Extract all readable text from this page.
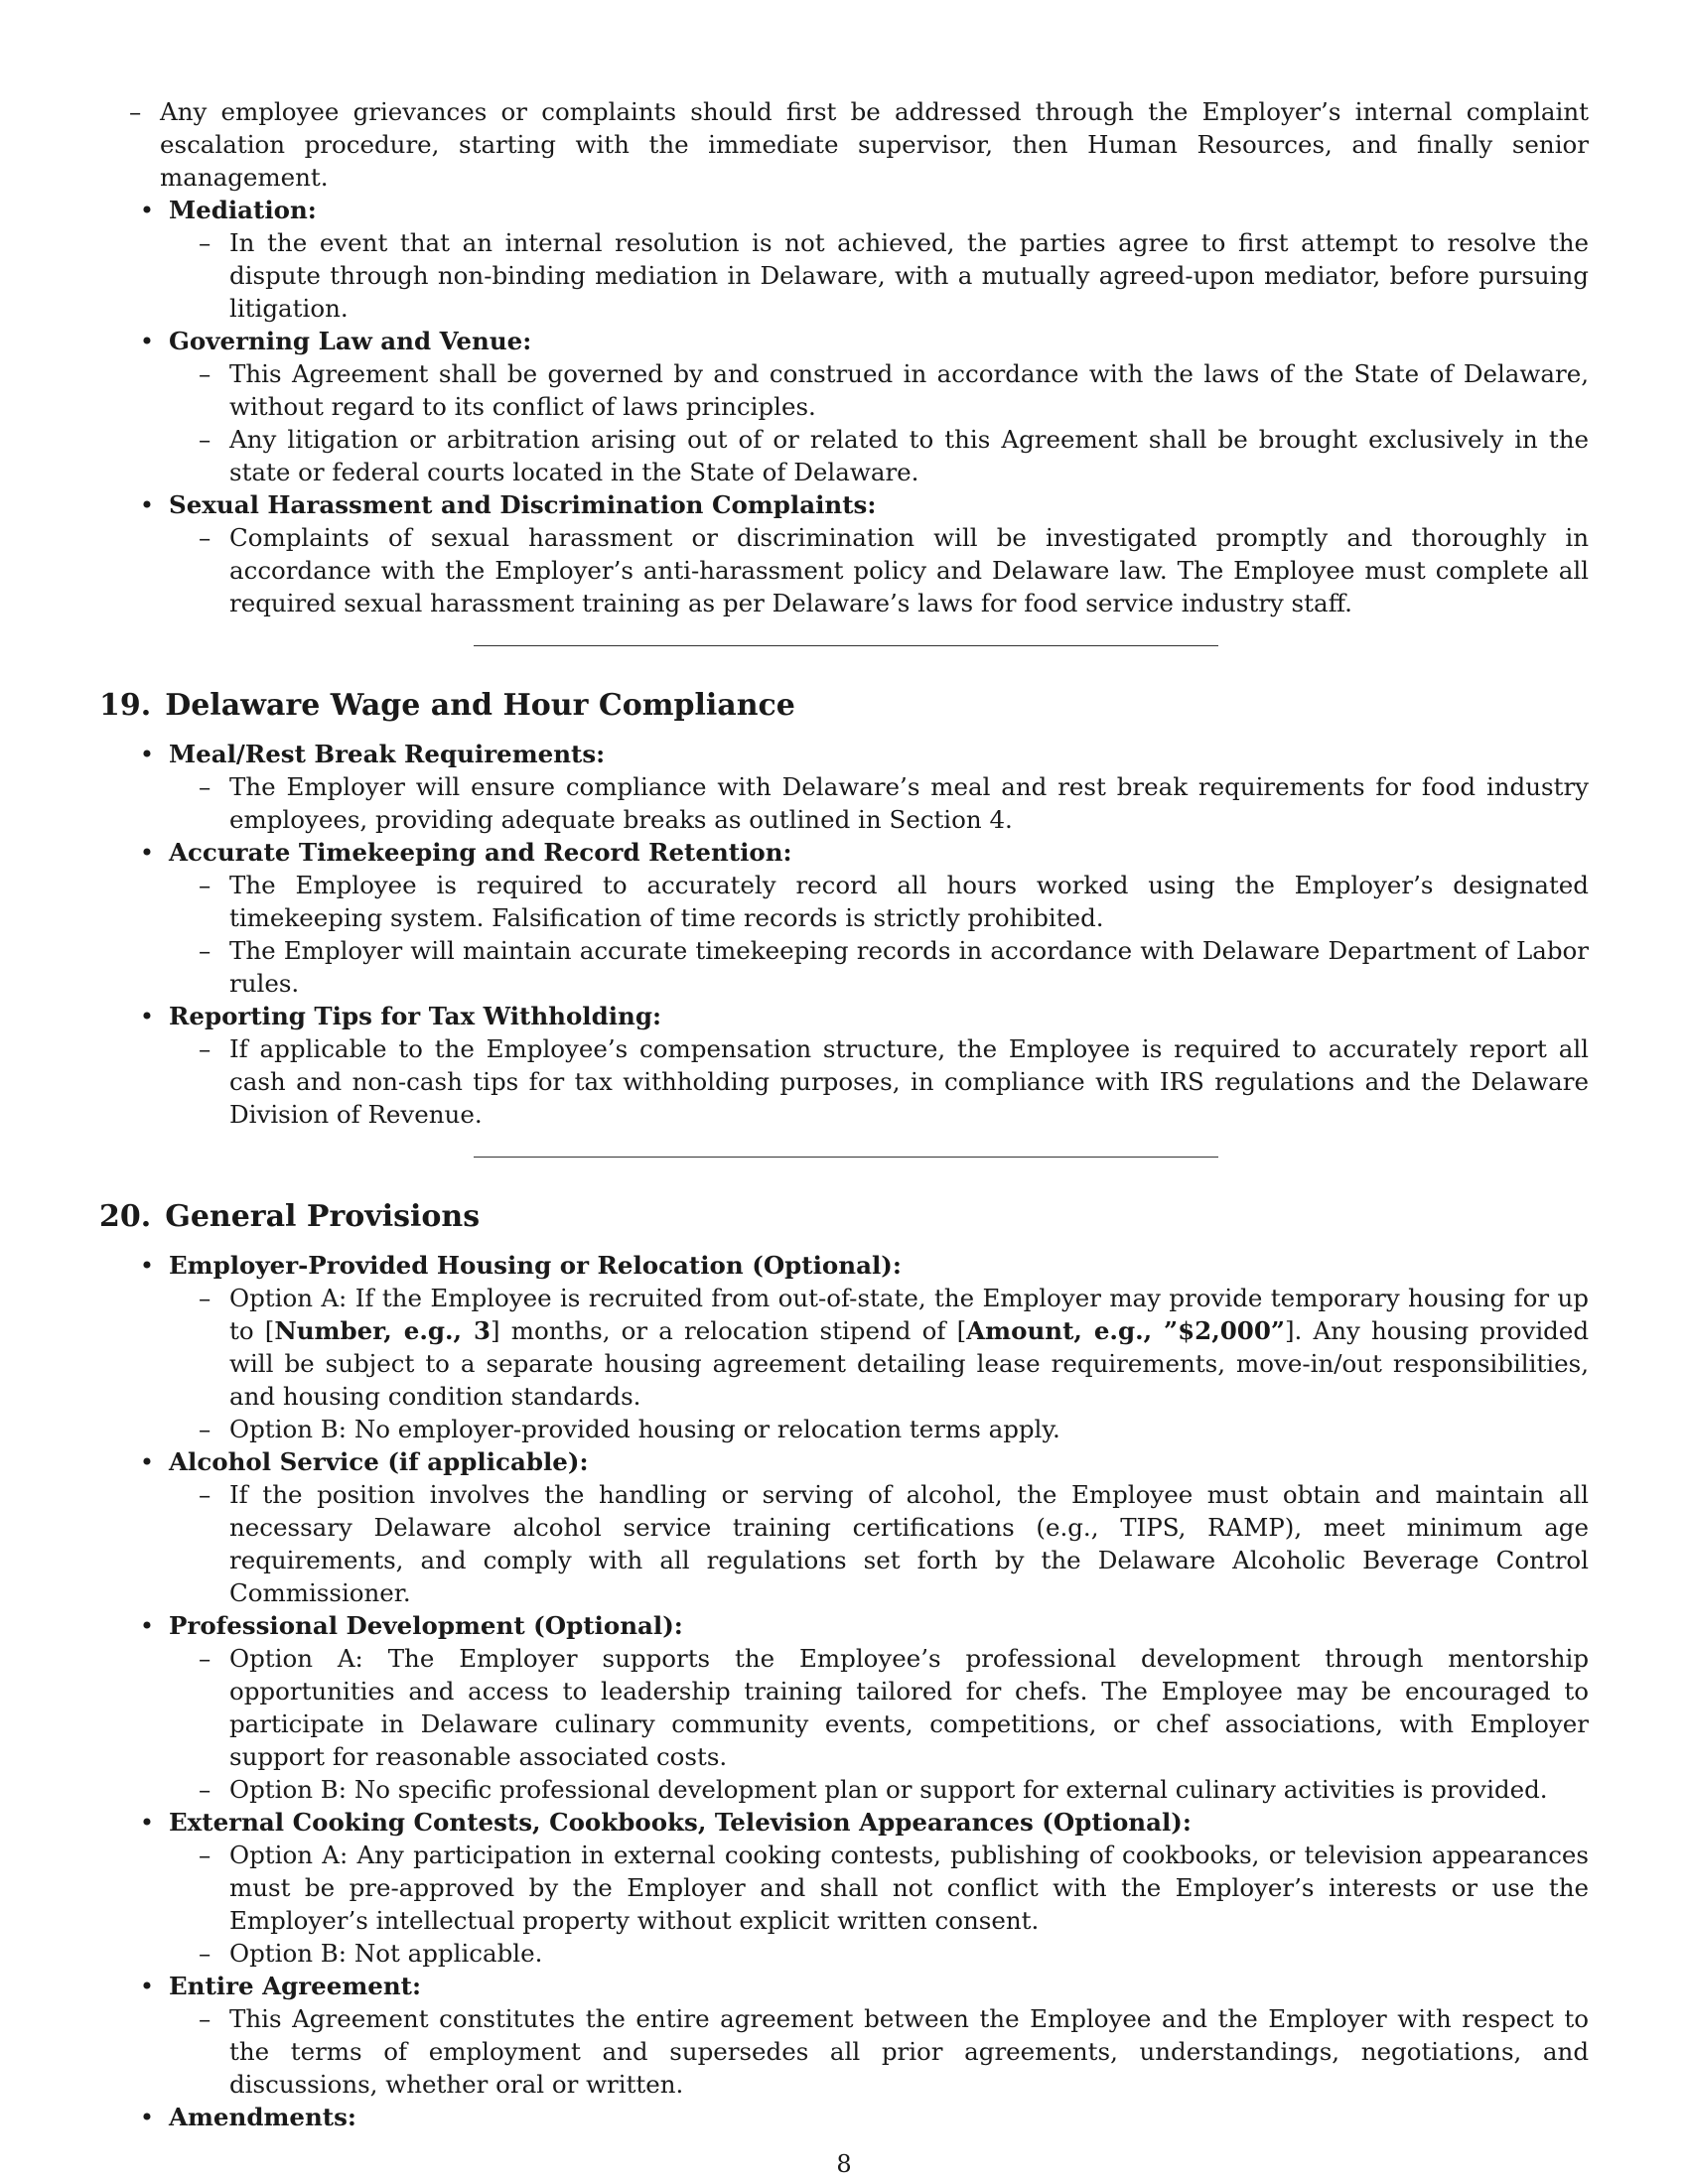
– Any employee grievances or complaints should first be addressed through the Employer’s internal complaint escalation procedure, starting with the immediate supervisor, then Human Resources, and finally senior management.
• Mediation:
– In the event that an internal resolution is not achieved, the parties agree to first attempt to resolve the dispute through non-binding mediation in Delaware, with a mutually agreed-upon mediator, before pursuing litigation.
• Governing Law and Venue:
– This Agreement shall be governed by and construed in accordance with the laws of the State of Delaware, without regard to its conflict of laws principles.
– Any litigation or arbitration arising out of or related to this Agreement shall be brought exclusively in the state or federal courts located in the State of Delaware.
• Sexual Harassment and Discrimination Complaints:
– Complaints of sexual harassment or discrimination will be investigated promptly and thoroughly in accordance with the Employer’s anti-harassment policy and Delaware law. The Employee must complete all required sexual harassment training as per Delaware’s laws for food service industry staff.
19. Delaware Wage and Hour Compliance
• Meal/Rest Break Requirements:
– The Employer will ensure compliance with Delaware’s meal and rest break requirements for food industry employees, providing adequate breaks as outlined in Section 4.
• Accurate Timekeeping and Record Retention:
– The Employee is required to accurately record all hours worked using the Employer’s designated timekeeping system. Falsification of time records is strictly prohibited.
– The Employer will maintain accurate timekeeping records in accordance with Delaware Department of Labor rules.
• Reporting Tips for Tax Withholding:
– If applicable to the Employee’s compensation structure, the Employee is required to accurately report all cash and non-cash tips for tax withholding purposes, in compliance with IRS regulations and the Delaware Division of Revenue.
20. General Provisions
• Employer-Provided Housing or Relocation (Optional):
– Option A: If the Employee is recruited from out-of-state, the Employer may provide temporary housing for up to [Number, e.g., 3] months, or a relocation stipend of [Amount, e.g., ”$2,000”]. Any housing provided will be subject to a separate housing agreement detailing lease requirements, move-in/out responsibilities, and housing condition standards.
– Option B: No employer-provided housing or relocation terms apply.
• Alcohol Service (if applicable):
– If the position involves the handling or serving of alcohol, the Employee must obtain and maintain all necessary Delaware alcohol service training certifications (e.g., TIPS, RAMP), meet minimum age requirements, and comply with all regulations set forth by the Delaware Alcoholic Beverage Control Commissioner.
• Professional Development (Optional):
– Option A: The Employer supports the Employee’s professional development through mentorship opportunities and access to leadership training tailored for chefs. The Employee may be encouraged to participate in Delaware culinary community events, competitions, or chef associations, with Employer support for reasonable associated costs.
– Option B: No specific professional development plan or support for external culinary activities is provided.
• External Cooking Contests, Cookbooks, Television Appearances (Optional):
– Option A: Any participation in external cooking contests, publishing of cookbooks, or television appearances must be pre-approved by the Employer and shall not conflict with the Employer’s interests or use the Employer’s intellectual property without explicit written consent.
– Option B: Not applicable.
• Entire Agreement:
– This Agreement constitutes the entire agreement between the Employee and the Employer with respect to the terms of employment and supersedes all prior agreements, understandings, negotiations, and discussions, whether oral or written.
• Amendments:
8
